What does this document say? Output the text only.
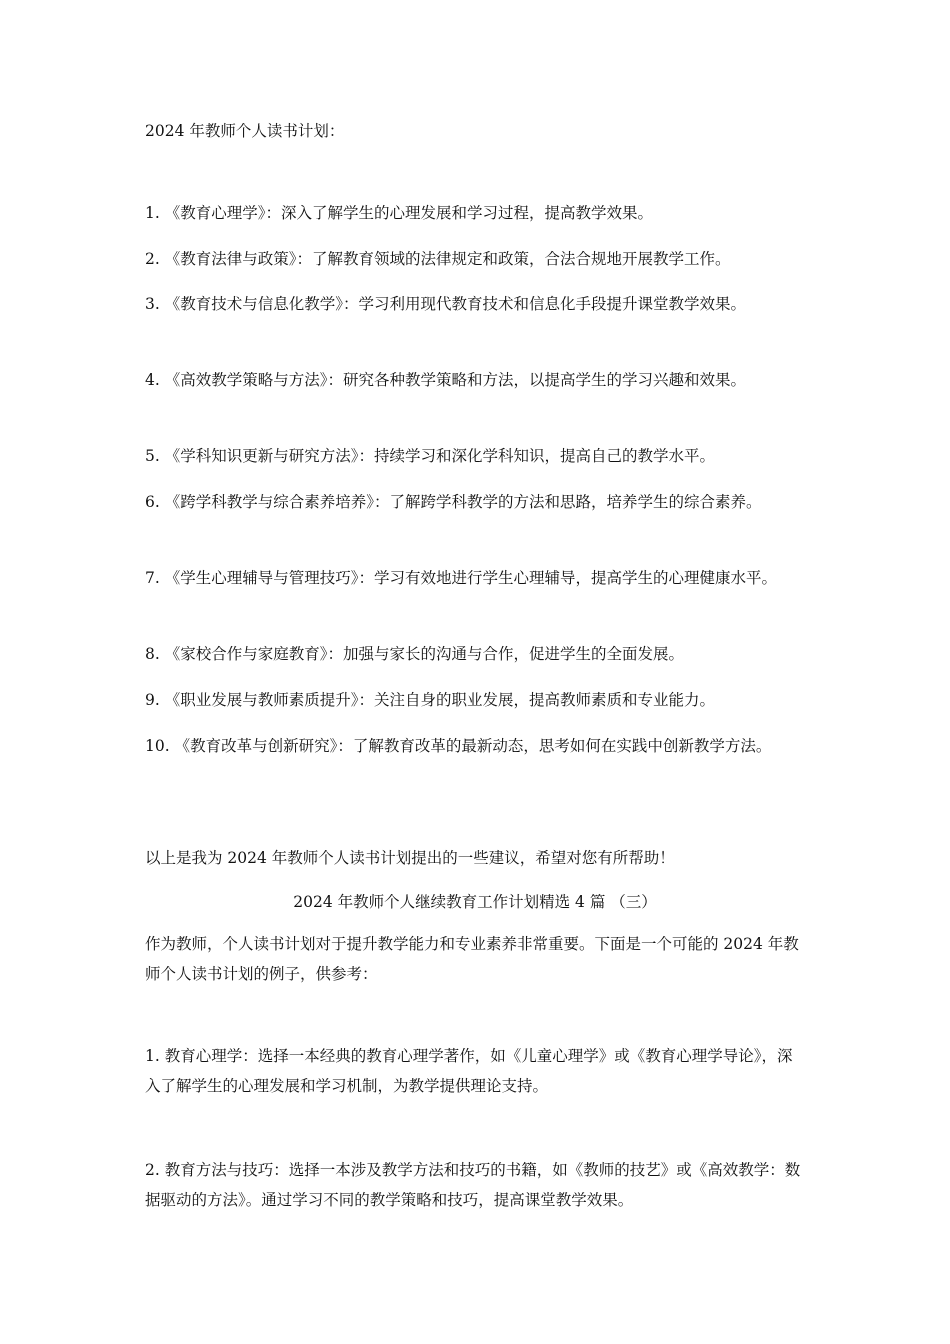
2024 年教师个人读书计划：
1. 《教育心理学》：深入了解学生的心理发展和学习过程，提高教学效果。
2. 《教育法律与政策》：了解教育领域的法律规定和政策，合法合规地开展教学工作。
3. 《教育技术与信息化教学》：学习利用现代教育技术和信息化手段提升课堂教学效果。
4. 《高效教学策略与方法》：研究各种教学策略和方法，以提高学生的学习兴趣和效果。
5. 《学科知识更新与研究方法》：持续学习和深化学科知识，提高自己的教学水平。
6. 《跨学科教学与综合素养培养》：了解跨学科教学的方法和思路，培养学生的综合素养。
7. 《学生心理辅导与管理技巧》：学习有效地进行学生心理辅导，提高学生的心理健康水平。
8. 《家校合作与家庭教育》：加强与家长的沟通与合作，促进学生的全面发展。
9. 《职业发展与教师素质提升》：关注自身的职业发展，提高教师素质和专业能力。
10. 《教育改革与创新研究》：了解教育改革的最新动态，思考如何在实践中创新教学方法。
以上是我为 2024 年教师个人读书计划提出的一些建议，希望对您有所帮助！
2024 年教师个人继续教育工作计划精选 4 篇 （三）
作为教师，个人读书计划对于提升教学能力和专业素养非常重要。下面是一个可能的 2024 年教师个人读书计划的例子，供参考：
1. 教育心理学：选择一本经典的教育心理学著作，如《儿童心理学》或《教育心理学导论》，深入了解学生的心理发展和学习机制，为教学提供理论支持。
2. 教育方法与技巧：选择一本涉及教学方法和技巧的书籍，如《教师的技艺》或《高效教学：数据驱动的方法》。通过学习不同的教学策略和技巧，提高课堂教学效果。
